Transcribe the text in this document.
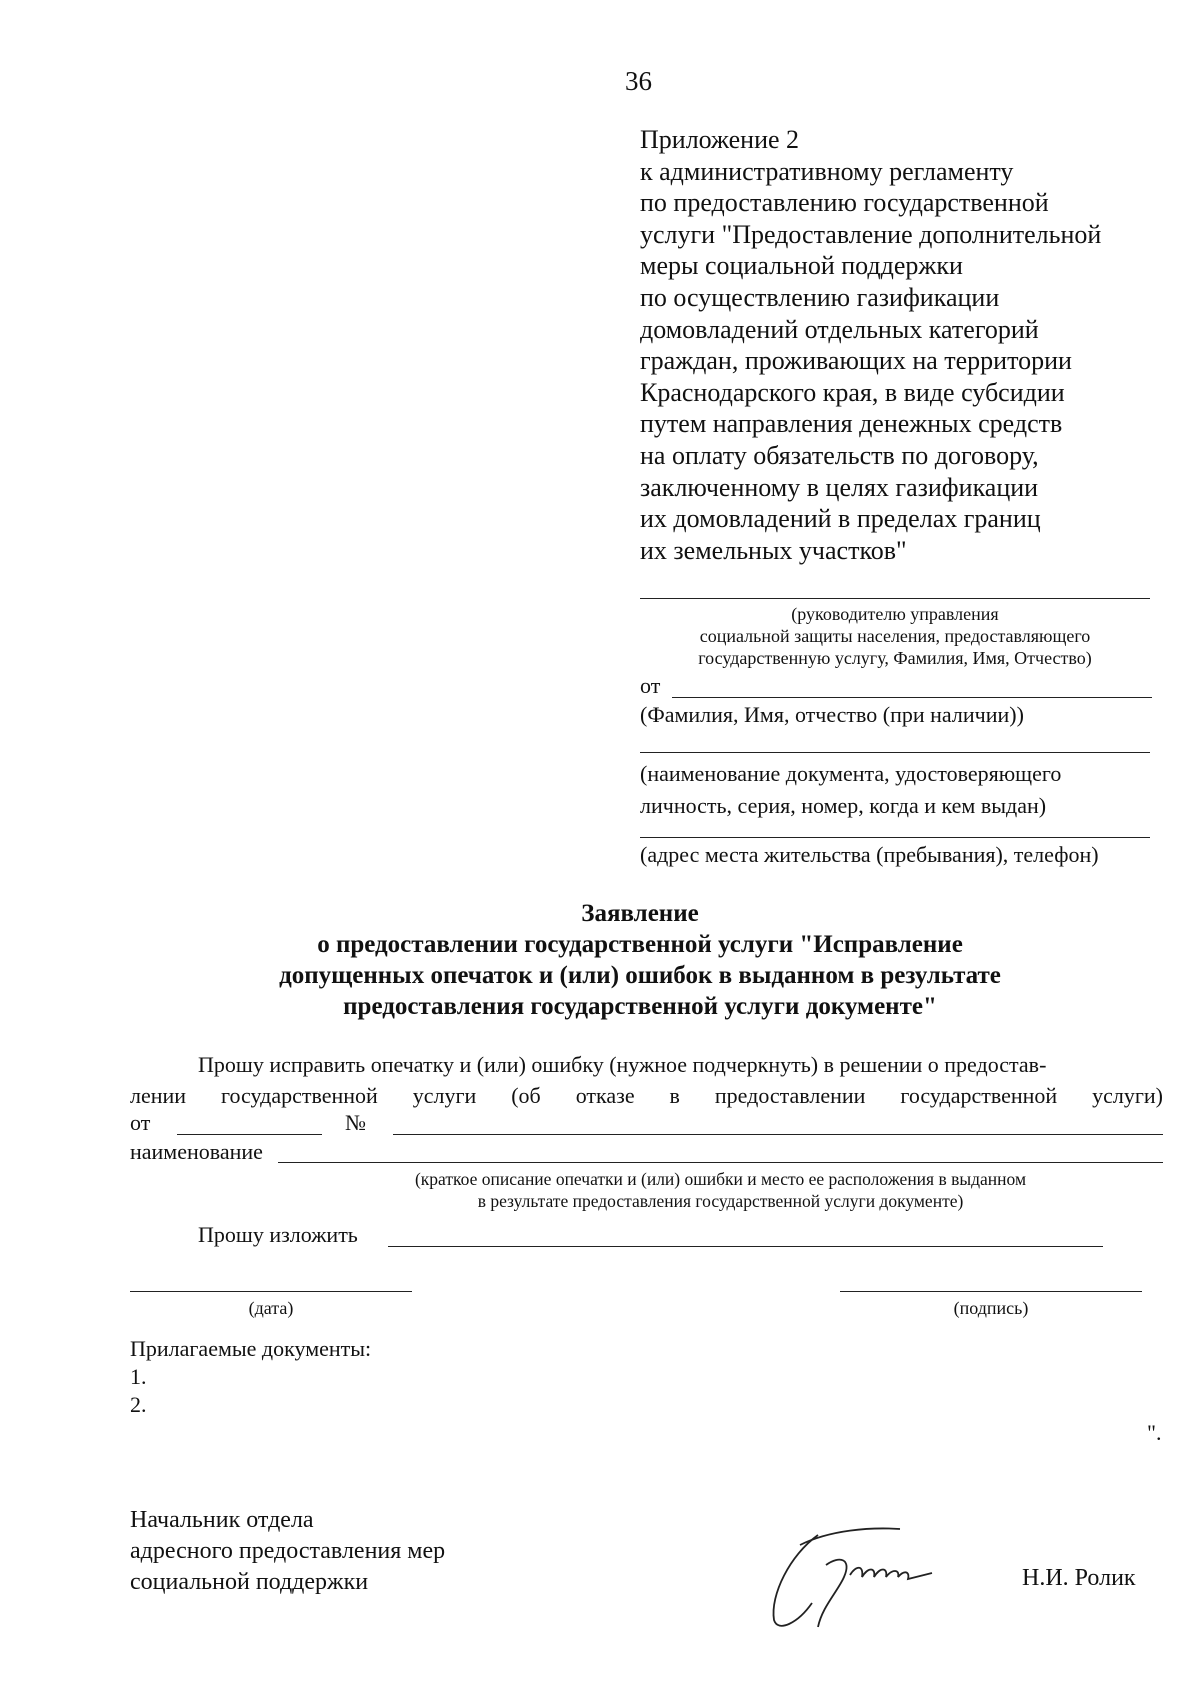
36
Приложение 2
к административному регламенту
по предоставлению государственной
услуги "Предоставление дополнительной
меры социальной поддержки
по осуществлению газификации
домовладений отдельных категорий
граждан, проживающих на территории
Краснодарского края, в виде субсидии
путем направления денежных средств
на оплату обязательств по договору,
заключенному в целях газификации
их домовладений в пределах границ
их земельных участков"
(руководителю управления
социальной защиты населения, предоставляющего
государственную услугу, Фамилия, Имя, Отчество)
от
(Фамилия, Имя, отчество (при наличии))
(наименование документа, удостоверяющего
личность, серия, номер, когда и кем выдан)
(адрес места жительства (пребывания), телефон)
Заявление
о предоставлении государственной услуги "Исправление
допущенных опечаток и (или) ошибок в выданном в результате
предоставления государственной услуги документе"
Прошу исправить опечатку и (или) ошибку (нужное подчеркнуть) в решении о предостав-
лении государственной услуги (об отказе в предоставлении государственной услуги)
от	№
наименование
(краткое описание опечатки и (или) ошибки и место ее расположения в выданном
в результате предоставления государственной услуги документе)
Прошу изложить
(дата)	(подпись)
Прилагаемые документы:
1.
2.
".
Начальник отдела
адресного предоставления мер
социальной поддержки	Н.И. Ролик
